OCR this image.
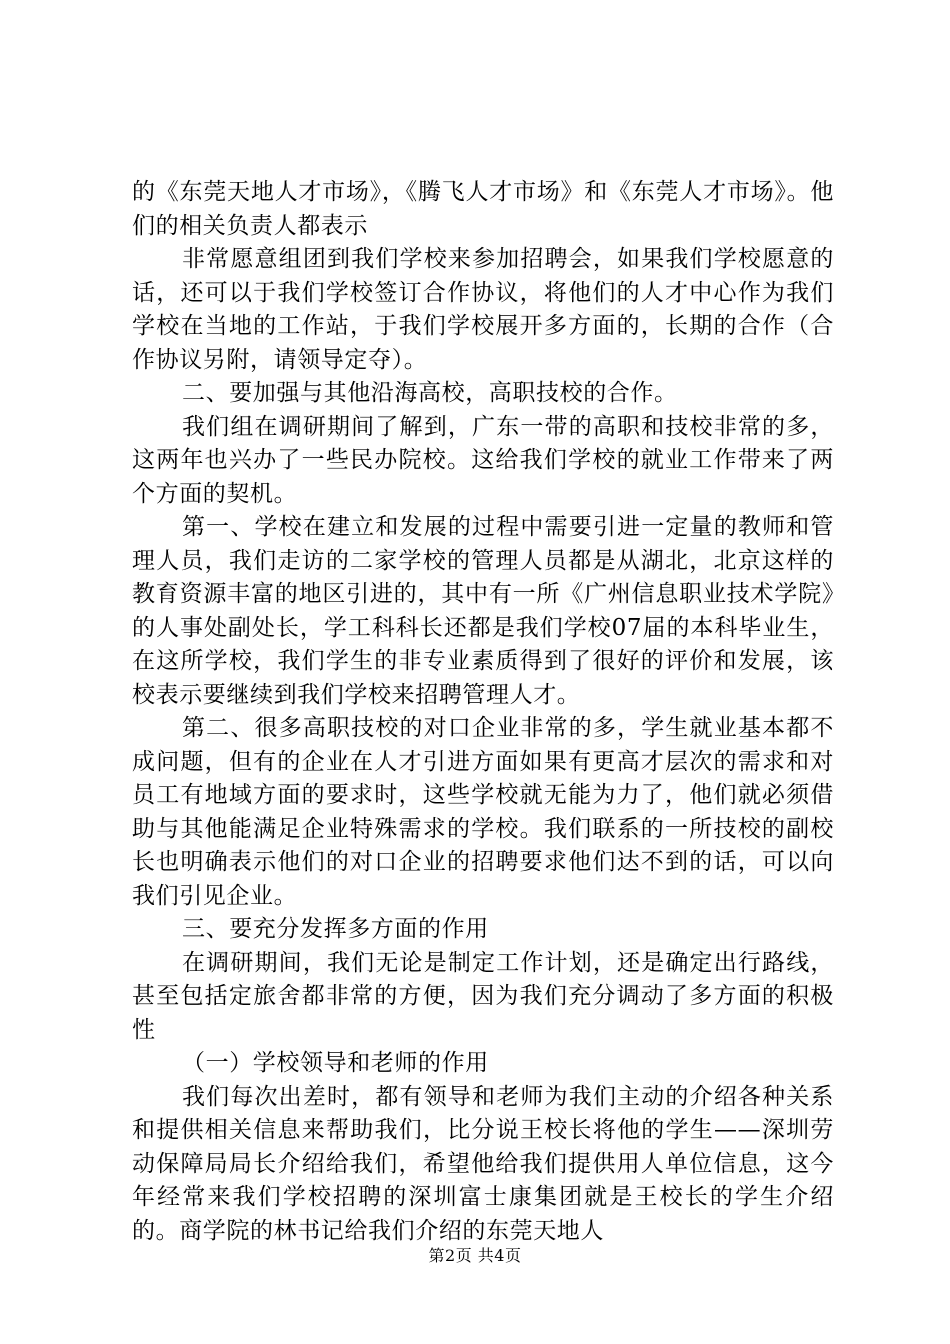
的《东莞天地人才市场》，《腾飞人才市场》和《东莞人才市场》。他们的相关负责人都表示

非常愿意组团到我们学校来参加招聘会，如果我们学校愿意的话，还可以于我们学校签订合作协议，将他们的人才中心作为我们学校在当地的工作站，于我们学校展开多方面的，长期的合作（合作协议另附，请领导定夺）。

二、要加强与其他沿海高校，高职技校的合作。

我们组在调研期间了解到，广东一带的高职和技校非常的多，这两年也兴办了一些民办院校。这给我们学校的就业工作带来了两个方面的契机。

第一、学校在建立和发展的过程中需要引进一定量的教师和管理人员，我们走访的二家学校的管理人员都是从湖北，北京这样的教育资源丰富的地区引进的，其中有一所《广州信息职业技术学院》的人事处副处长，学工科科长还都是我们学校07届的本科毕业生，在这所学校，我们学生的非专业素质得到了很好的评价和发展，该校表示要继续到我们学校来招聘管理人才。

第二、很多高职技校的对口企业非常的多，学生就业基本都不成问题，但有的企业在人才引进方面如果有更高才层次的需求和对员工有地域方面的要求时，这些学校就无能为力了，他们就必须借助与其他能满足企业特殊需求的学校。我们联系的一所技校的副校长也明确表示他们的对口企业的招聘要求他们达不到的话，可以向我们引见企业。

三、要充分发挥多方面的作用

在调研期间，我们无论是制定工作计划，还是确定出行路线，甚至包括定旅舍都非常的方便，因为我们充分调动了多方面的积极性

（一）学校领导和老师的作用

我们每次出差时，都有领导和老师为我们主动的介绍各种关系和提供相关信息来帮助我们，比分说王校长将他的学生——深圳劳动保障局局长介绍给我们，希望他给我们提供用人单位信息，这今年经常来我们学校招聘的深圳富士康集团就是王校长的学生介绍的。商学院的林书记给我们介绍的东莞天地人

第2页 共4页
